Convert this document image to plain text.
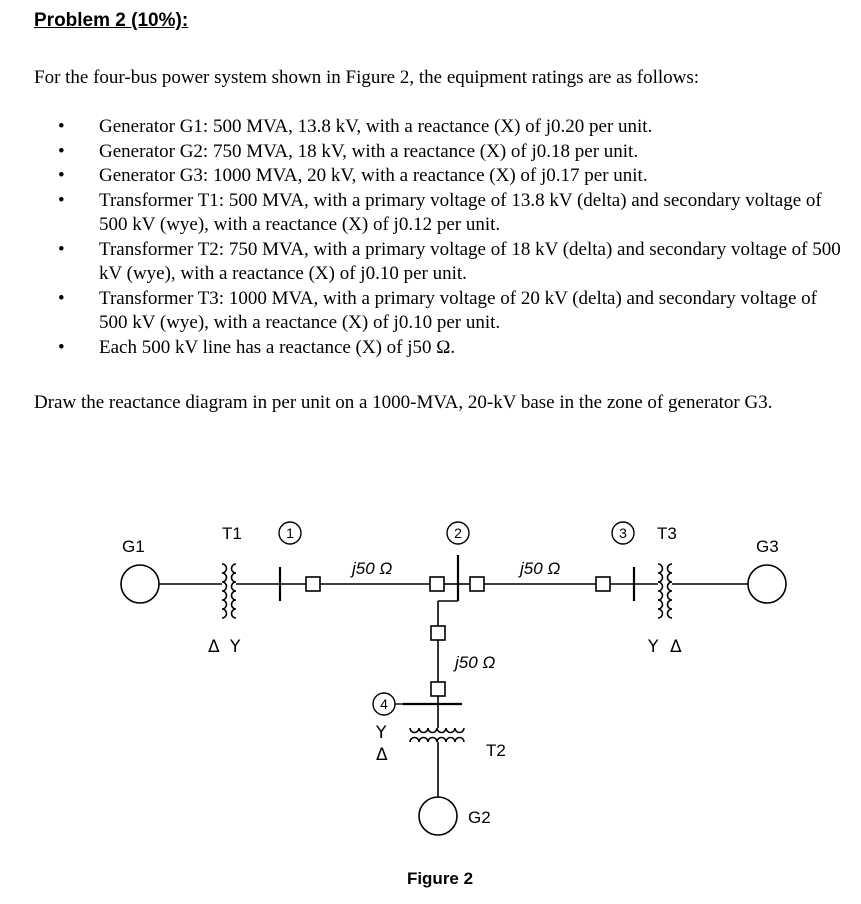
Problem 2 (10%):
For the four-bus power system shown in Figure 2, the equipment ratings are as follows:
• Generator G1: 500 MVA, 13.8 kV, with a reactance (X) of j0.20 per unit.
• Generator G2: 750 MVA, 18 kV, with a reactance (X) of j0.18 per unit.
• Generator G3: 1000 MVA, 20 kV, with a reactance (X) of j0.17 per unit.
• Transformer T1: 500 MVA, with a primary voltage of 13.8 kV (delta) and secondary voltage of 500 kV (wye), with a reactance (X) of j0.12 per unit.
• Transformer T2: 750 MVA, with a primary voltage of 18 kV (delta) and secondary voltage of 500 kV (wye), with a reactance (X) of j0.10 per unit.
• Transformer T3: 1000 MVA, with a primary voltage of 20 kV (delta) and secondary voltage of 500 kV (wye), with a reactance (X) of j0.10 per unit.
• Each 500 kV line has a reactance (X) of j50 Ω.
Draw the reactance diagram in per unit on a 1000-MVA, 20-kV base in the zone of generator G3.
G1
T1	1	2	3
4
T3
G3
j50 Ω	j50 Ω
j50 Ω
Δ Y	Y Δ
Y
Δ	T2
G2
Figure 2
